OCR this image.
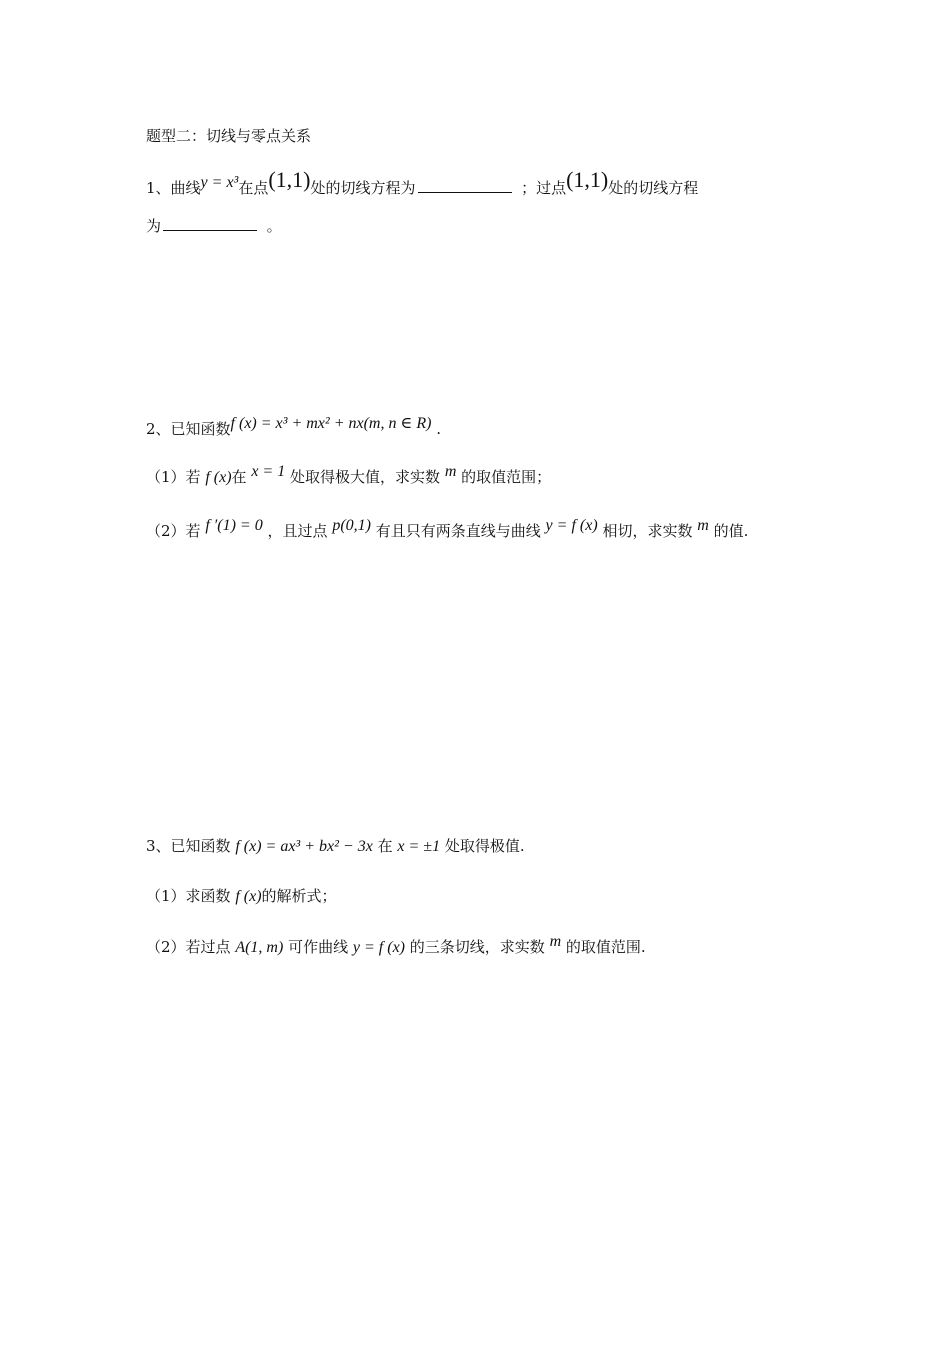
题型二：切线与零点关系
1、曲线y = x³在点(1,1)处的切线方程为	；过点(1,1)处的切线方程
为	。
2、已知函数f (x) = x³ + mx² + nx(m, n ∈ R) .
（1）若 f (x)在 x = 1 处取得极大值，求实数 m 的取值范围；
（2）若 f ′(1) = 0 ，且过点 p(0,1) 有且只有两条直线与曲线 y = f (x) 相切，求实数 m 的值.
3、已知函数 f (x) = ax³ + bx² − 3x 在 x = ±1 处取得极值.
（1）求函数 f (x)的解析式；
（2）若过点 A(1, m) 可作曲线 y = f (x) 的三条切线，求实数 m 的取值范围.
